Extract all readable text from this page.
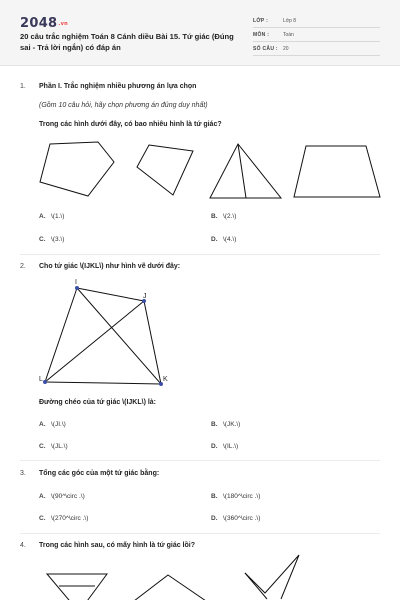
2048.vn
20 câu trắc nghiệm Toán 8 Cánh diều Bài 15. Tứ giác (Đúng sai - Trả lời ngắn) có đáp án
LỚP :	Lớp 8
MÔN :	Toán
SỐ CÂU : 20
1. Phần I. Trắc nghiệm nhiều phương án lựa chọn
(Gồm 10 câu hỏi, hãy chọn phương án đúng duy nhất)
Trong các hình dưới đây, có bao nhiêu hình là tứ giác?
A. \(1.\)	B. \(2.\)
C. \(3.\)	D. \(4.\)
2. Cho tứ giác \(IJKL\) như hình vẽ dưới đây:
I
J
K
L
Đường chéo của tứ giác \(IJKL\) là:
A. \(JI.\)	B. \(JK.\)
C. \(JL.\)	D. \(IL.\)
3. Tổng các góc của một tứ giác bằng:
A. \(90^\circ .\)	B. \(180^\circ .\)
C. \(270^\circ .\)	D. \(360^\circ .\)
4. Trong các hình sau, có mấy hình là tứ giác lồi?
